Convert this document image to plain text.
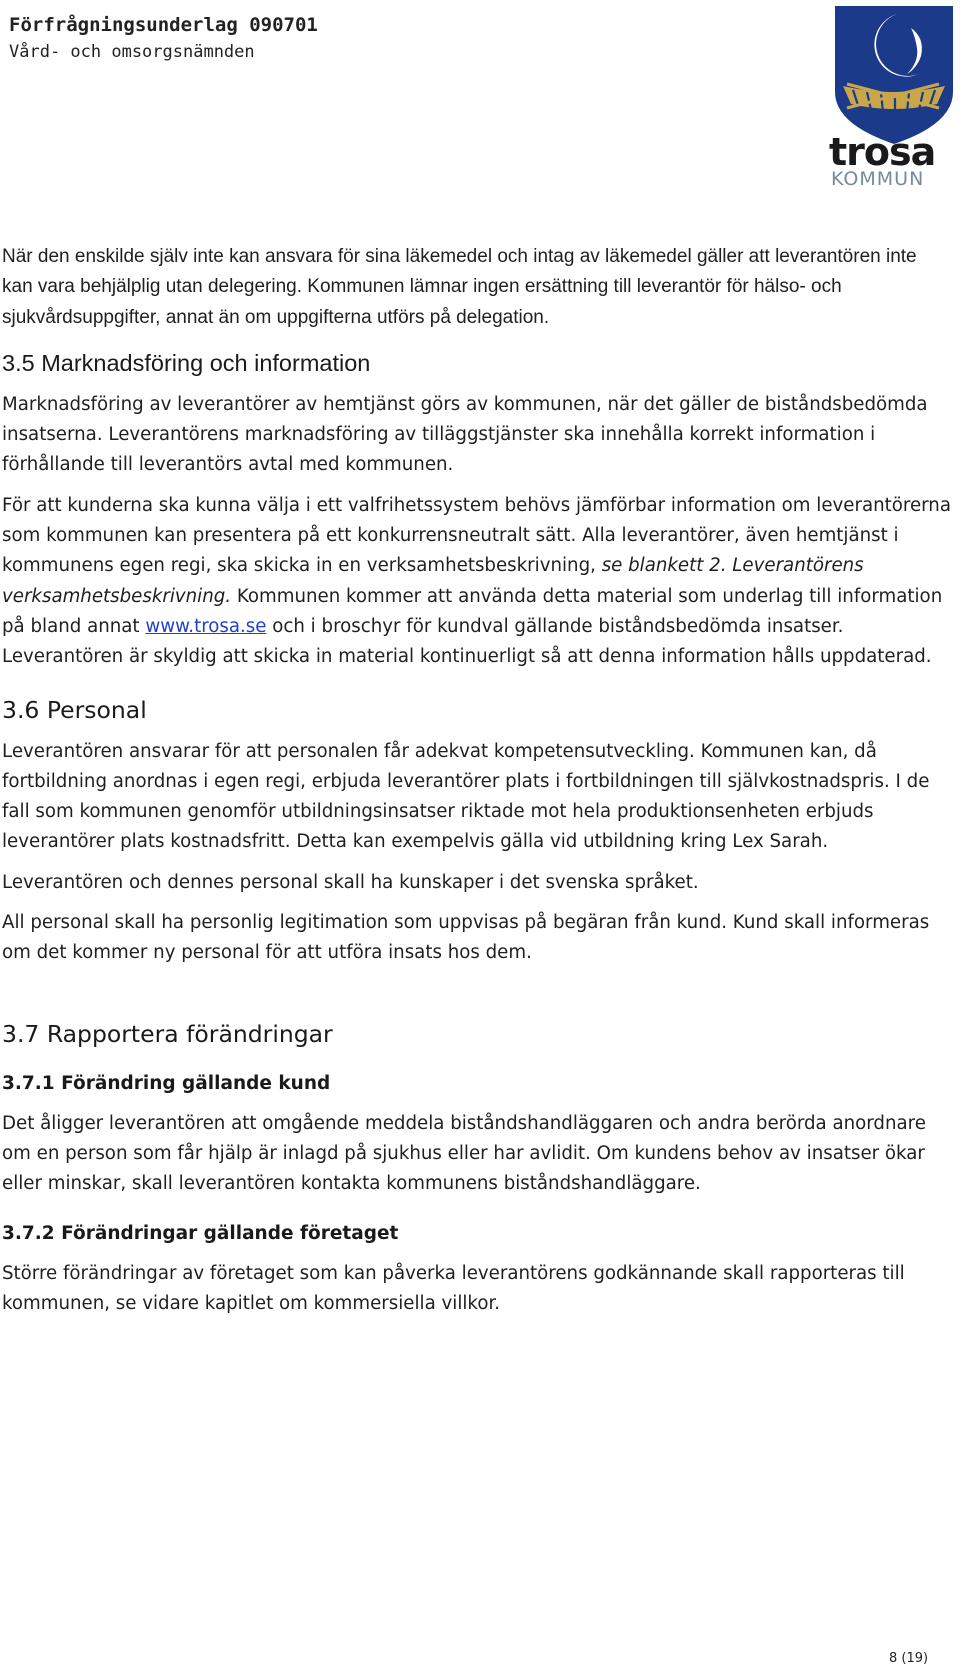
Förfrågningsunderlag 090701
Vård- och omsorgsnämnden
trosa
KOMMUN

När den enskilde själv inte kan ansvara för sina läkemedel och intag av läkemedel gäller att leverantören inte kan vara behjälplig utan delegering. Kommunen lämnar ingen ersättning till leverantör för hälso- och sjukvårdsuppgifter, annat än om uppgifterna utförs på delegation.

3.5 Marknadsföring och information

Marknadsföring av leverantörer av hemtjänst görs av kommunen, när det gäller de biståndsbedömda insatserna. Leverantörens marknadsföring av tilläggstjänster ska innehålla korrekt information i förhållande till leverantörs avtal med kommunen.

För att kunderna ska kunna välja i ett valfrihetssystem behövs jämförbar information om leverantörerna som kommunen kan presentera på ett konkurrensneutralt sätt. Alla leverantörer, även hemtjänst i kommunens egen regi, ska skicka in en verksamhetsbeskrivning, se blankett 2. Leverantörens verksamhetsbeskrivning. Kommunen kommer att använda detta material som underlag till information på bland annat www.trosa.se och i broschyr för kundval gällande biståndsbedömda insatser. Leverantören är skyldig att skicka in material kontinuerligt så att denna information hålls uppdaterad.

3.6 Personal

Leverantören ansvarar för att personalen får adekvat kompetensutveckling. Kommunen kan, då fortbildning anordnas i egen regi, erbjuda leverantörer plats i fortbildningen till självkostnadspris. I de fall som kommunen genomför utbildningsinsatser riktade mot hela produktionsenheten erbjuds leverantörer plats kostnadsfritt. Detta kan exempelvis gälla vid utbildning kring Lex Sarah.

Leverantören och dennes personal skall ha kunskaper i det svenska språket.

All personal skall ha personlig legitimation som uppvisas på begäran från kund. Kund skall informeras om det kommer ny personal för att utföra insats hos dem.

3.7 Rapportera förändringar
3.7.1 Förändring gällande kund

Det åligger leverantören att omgående meddela biståndshandläggaren och andra berörda anordnare om en person som får hjälp är inlagd på sjukhus eller har avlidit. Om kundens behov av insatser ökar eller minskar, skall leverantören kontakta kommunens biståndshandläggare.

3.7.2 Förändringar gällande företaget

Större förändringar av företaget som kan påverka leverantörens godkännande skall rapporteras till kommunen, se vidare kapitlet om kommersiella villkor.

8 (19)
